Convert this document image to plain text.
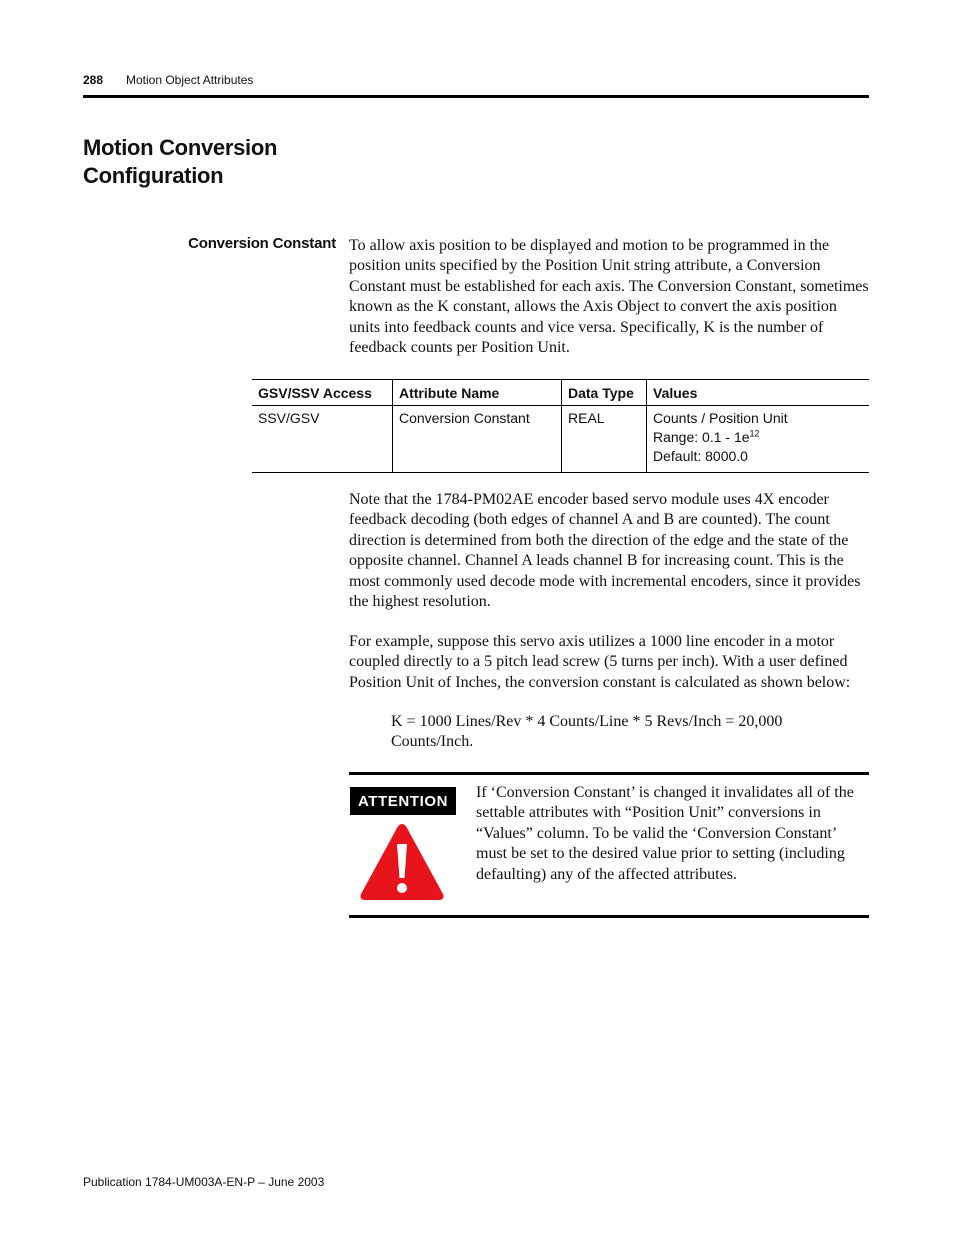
288 Motion Object Attributes
Motion Conversion Configuration
Conversion Constant To allow axis position to be displayed and motion to be programmed in the position units specified by the Position Unit string attribute, a Conversion Constant must be established for each axis. The Conversion Constant, sometimes known as the K constant, allows the Axis Object to convert the axis position units into feedback counts and vice versa. Specifically, K is the number of feedback counts per Position Unit.

GSV/SSV Access	Attribute Name	Data Type	Values
SSV/GSV	Conversion Constant	REAL	Counts / Position Unit
Range: $0.1 - 1e^{12}$
Default: 8000.0

Note that the 1784-PM02AE encoder based servo module uses 4X encoder feedback decoding (both edges of channel A and B are counted). The count direction is determined from both the direction of the edge and the state of the opposite channel. Channel A leads channel B for increasing count. This is the most commonly used decode mode with incremental encoders, since it provides the highest resolution.

For example, suppose this servo axis utilizes a 1000 line encoder in a motor coupled directly to a 5 pitch lead screw (5 turns per inch). With a user defined Position Unit of Inches, the conversion constant is calculated as shown below:

K = 1000 Lines/Rev * 4 Counts/Line * 5 Revs/Inch = 20,000 Counts/Inch.
ATTENTION	If ‘Conversion Constant’ is changed it invalidates all of the settable attributes with “Position Unit” conversions in “Values” column. To be valid the ‘Conversion Constant’ must be set to the desired value prior to setting (including defaulting) any of the affected attributes.

Publication 1784-UM003A-EN-P – June 2003
